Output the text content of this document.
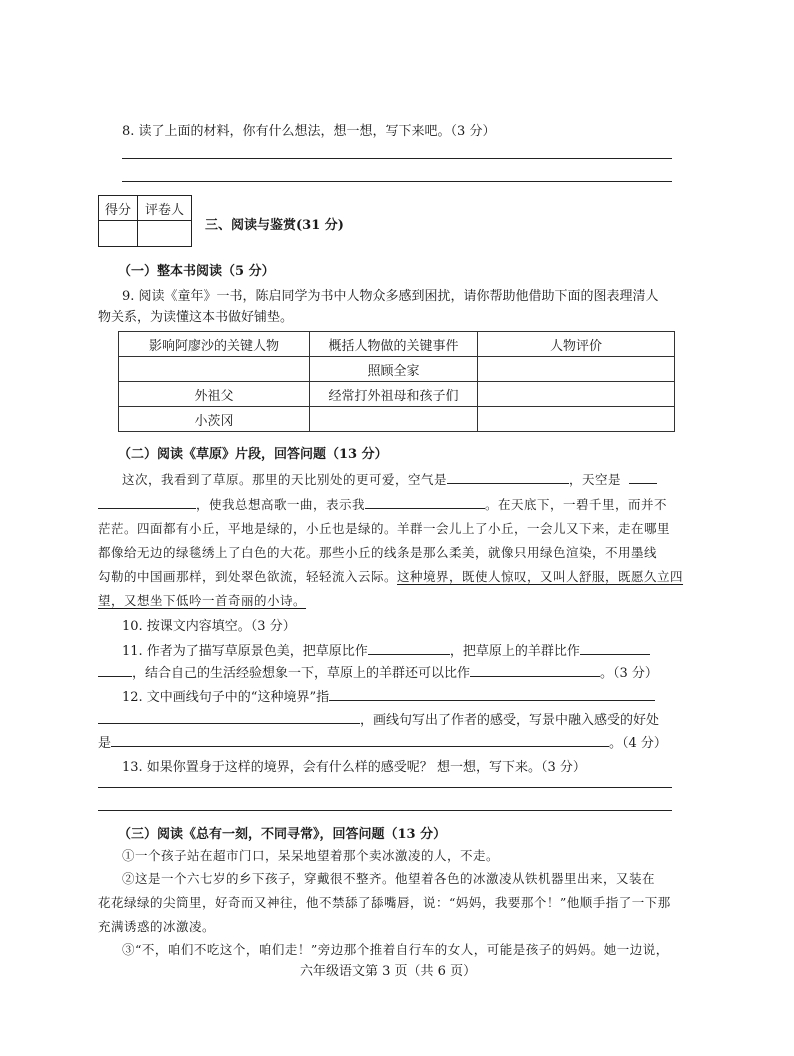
8. 读了上面的材料，你有什么想法，想一想，写下来吧。（3 分）
得分	评卷人

三、阅读与鉴赏(31 分)
（一）整本书阅读（5 分）
9. 阅读《童年》一书，陈启同学为书中人物众多感到困扰，请你帮助他借助下面的图表理清人
物关系，为读懂这本书做好铺垫。
影响阿廖沙的关键人物	概括人物做的关键事件	人物评价
	照顾全家	
外祖父	经常打外祖母和孩子们	
小茨冈		
（二）阅读《草原》片段，回答问题（13 分）
这次，我看到了草原。那里的天比别处的更可爱，空气是	，天空是
，使我总想高歌一曲，表示我	。在天底下，一碧千里，而并不
茫茫。四面都有小丘，平地是绿的，小丘也是绿的。羊群一会儿上了小丘，一会儿又下来，走在哪里
都像给无边的绿毯绣上了白色的大花。那些小丘的线条是那么柔美，就像只用绿色渲染，不用墨线
勾勒的中国画那样，到处翠色欲流，轻轻流入云际。这种境界，既使人惊叹，又叫人舒服，既愿久立四
望，又想坐下低吟一首奇丽的小诗。
10. 按课文内容填空。（3 分）
11. 作者为了描写草原景色美，把草原比作	，把草原上的羊群比作
，结合自己的生活经验想象一下，草原上的羊群还可以比作	。（3 分）
12. 文中画线句子中的“这种境界”指
，画线句写出了作者的感受，写景中融入感受的好处
是	。（4 分）
13. 如果你置身于这样的境界，会有什么样的感受呢？ 想一想，写下来。（3 分）
（三）阅读《总有一刻，不同寻常》，回答问题（13 分）
①一个孩子站在超市门口，呆呆地望着那个卖冰激凌的人，不走。
②这是一个六七岁的乡下孩子，穿戴很不整齐。他望着各色的冰激凌从铁机器里出来，又装在
花花绿绿的尖筒里，好奇而又神往，他不禁舔了舔嘴唇，说：“妈妈，我要那个！”他顺手指了一下那
充满诱惑的冰激凌。
③“不，咱们不吃这个，咱们走！”旁边那个推着自行车的女人，可能是孩子的妈妈。她一边说，
六年级语文第 3 页（共 6 页）
